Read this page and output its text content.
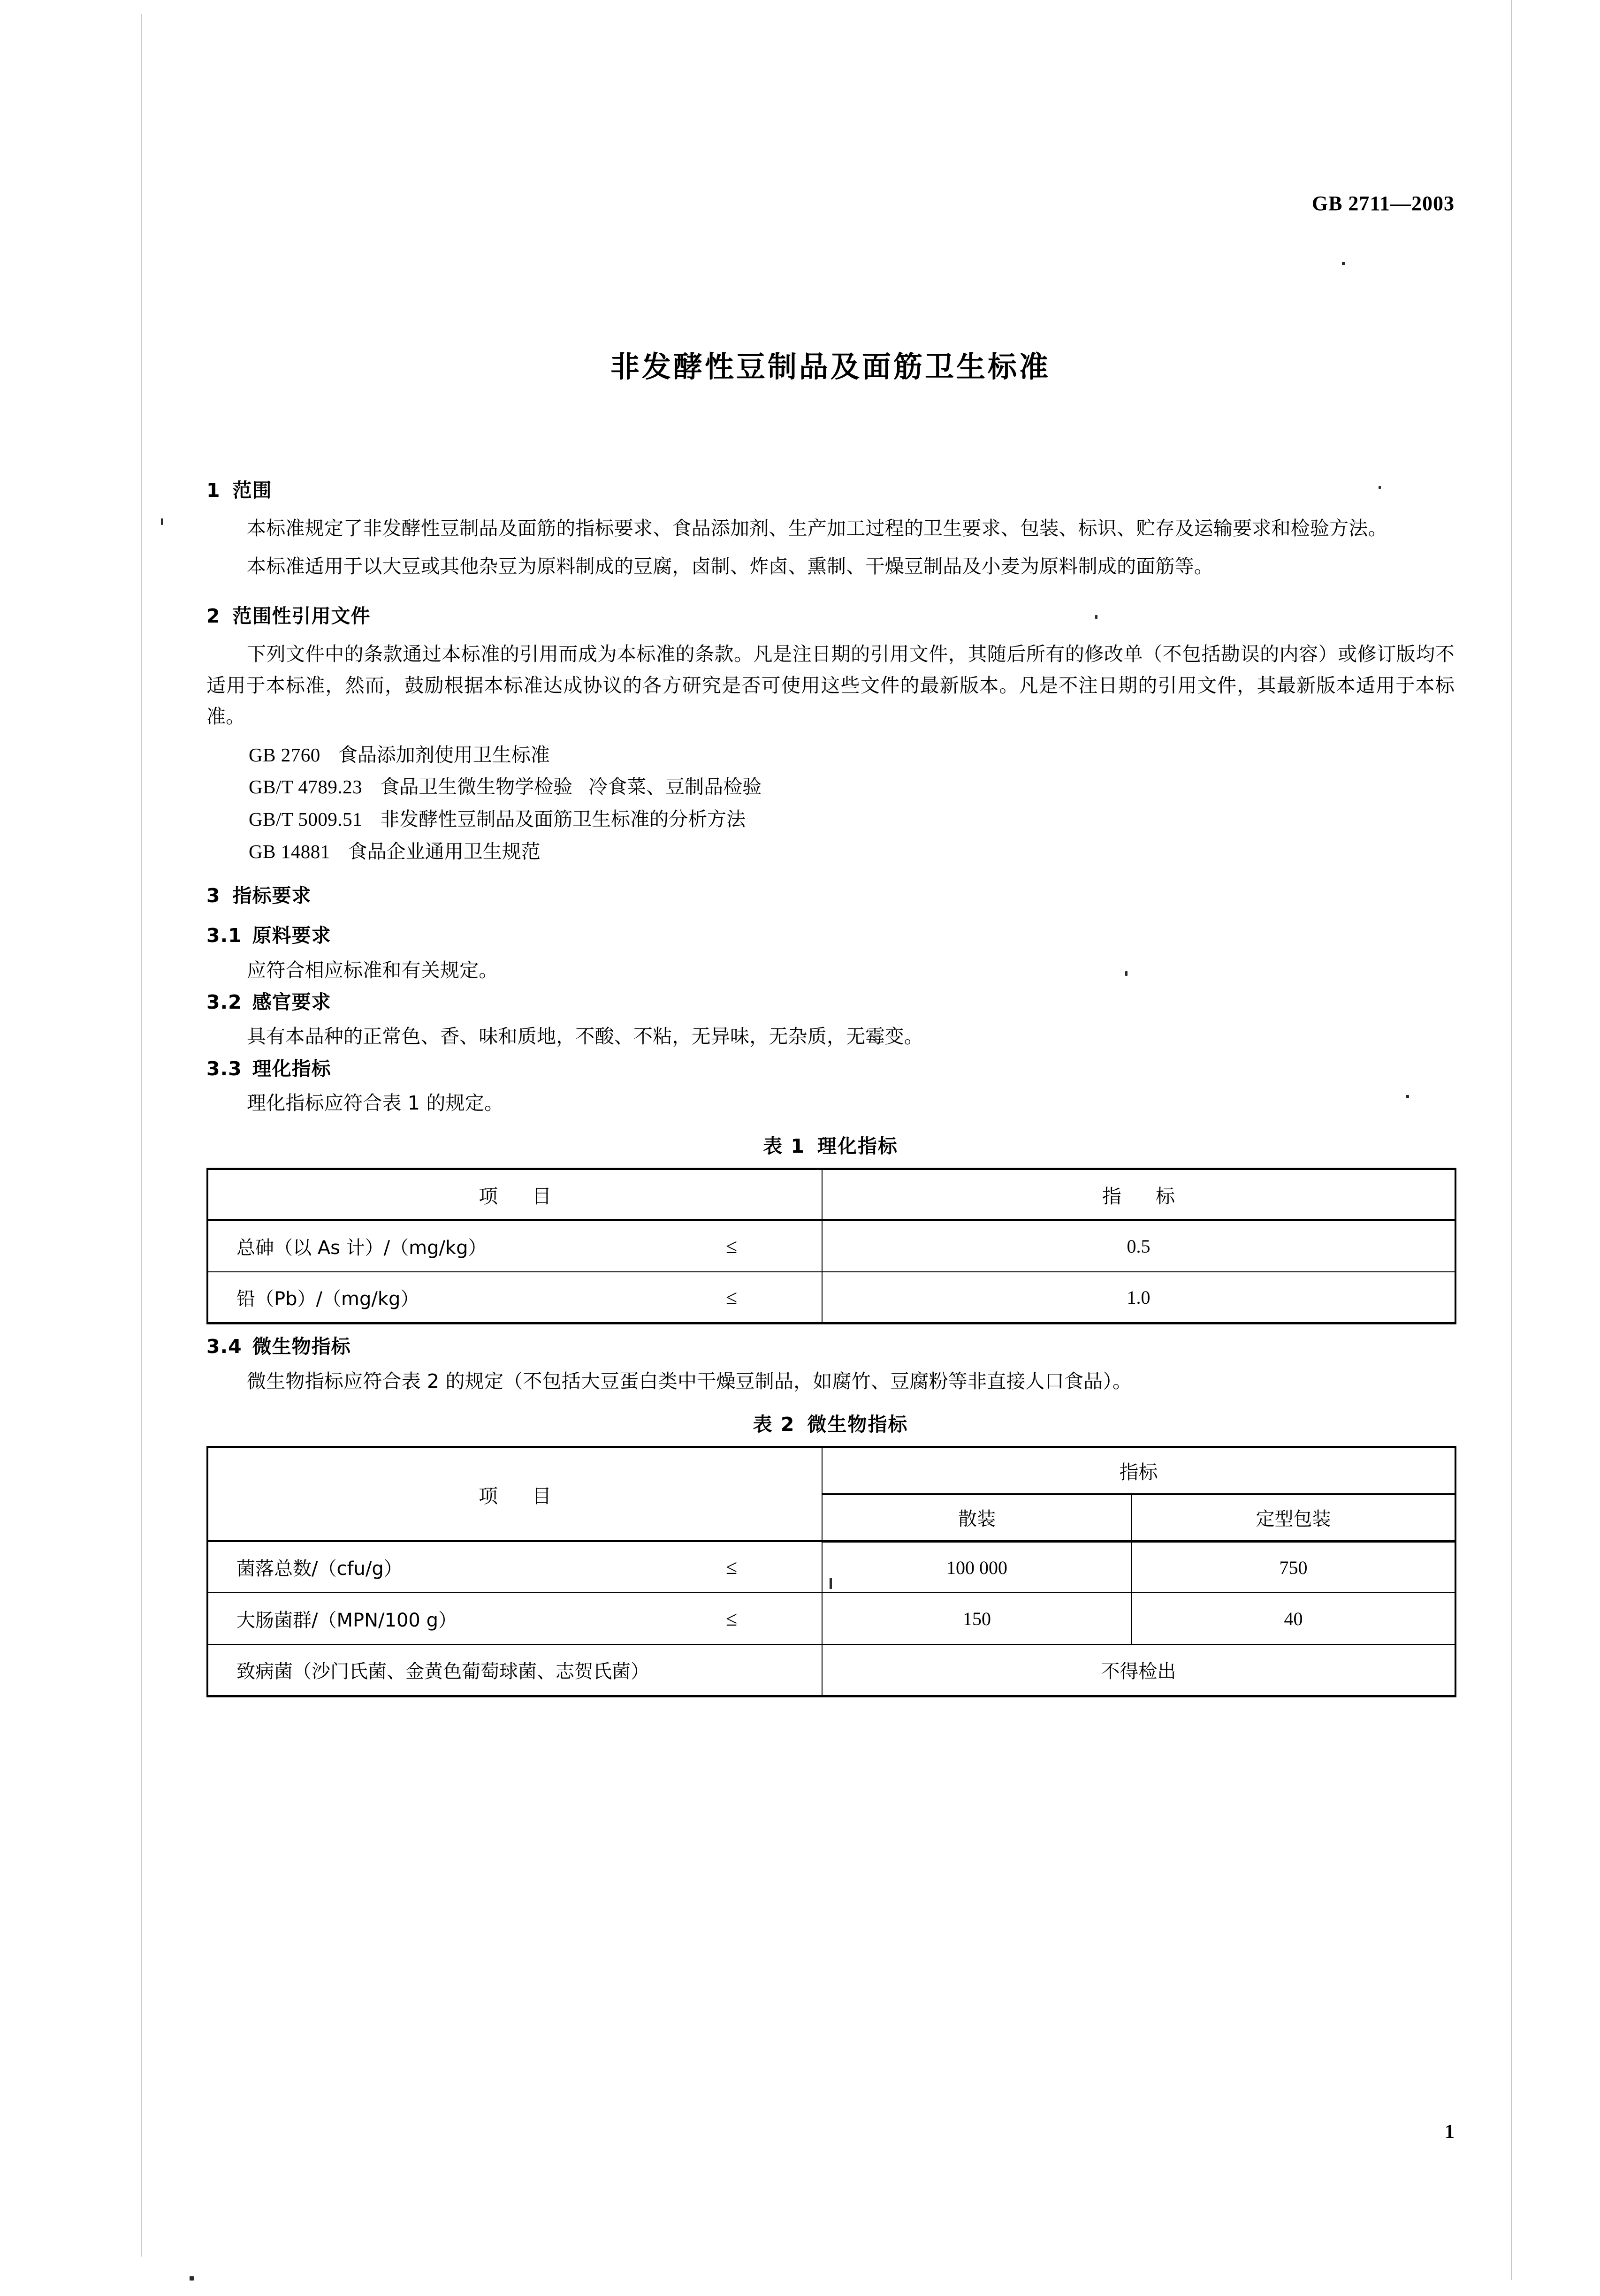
GB 2711—2003
非发酵性豆制品及面筋卫生标准
1 范围

本标准规定了非发酵性豆制品及面筋的指标要求、食品添加剂、生产加工过程的卫生要求、包装、标识、贮存及运输要求和检验方法。

本标准适用于以大豆或其他杂豆为原料制成的豆腐，卤制、炸卤、熏制、干燥豆制品及小麦为原料制成的面筋等。

2 范围性引用文件

下列文件中的条款通过本标准的引用而成为本标准的条款。凡是注日期的引用文件，其随后所有的修改单（不包括勘误的内容）或修订版均不适用于本标准，然而，鼓励根据本标准达成协议的各方研究是否可使用这些文件的最新版本。凡是不注日期的引用文件，其最新版本适用于本标准。

GB 2760 食品添加剂使用卫生标准
GB/T 4789.23 食品卫生微生物学检验 冷食菜、豆制品检验
GB/T 5009.51 非发酵性豆制品及面筋卫生标准的分析方法
GB 14881 食品企业通用卫生规范
3 指标要求
3.1 原料要求

应符合相应标准和有关规定。

3.2 感官要求

具有本品种的正常色、香、味和质地，不酸、不粘，无异味，无杂质，无霉变。

3.3 理化指标

理化指标应符合表 1 的规定。

表 1 理化指标
项 目		指 标
总砷（以 As 计）/（mg/kg）	≤	0.5
铅（Pb）/（mg/kg）	≤	1.0
3.4 微生物指标

微生物指标应符合表 2 的规定（不包括大豆蛋白类中干燥豆制品，如腐竹、豆腐粉等非直接人口食品）。

表 2 微生物指标
项 目		指标	
		散装	定型包装
菌落总数/（cfu/g）	≤	100 000	750
大肠菌群/（MPN/100 g）	≤	150	40
致病菌（沙门氏菌、金黄色葡萄球菌、志贺氏菌）		不得检出	
1
